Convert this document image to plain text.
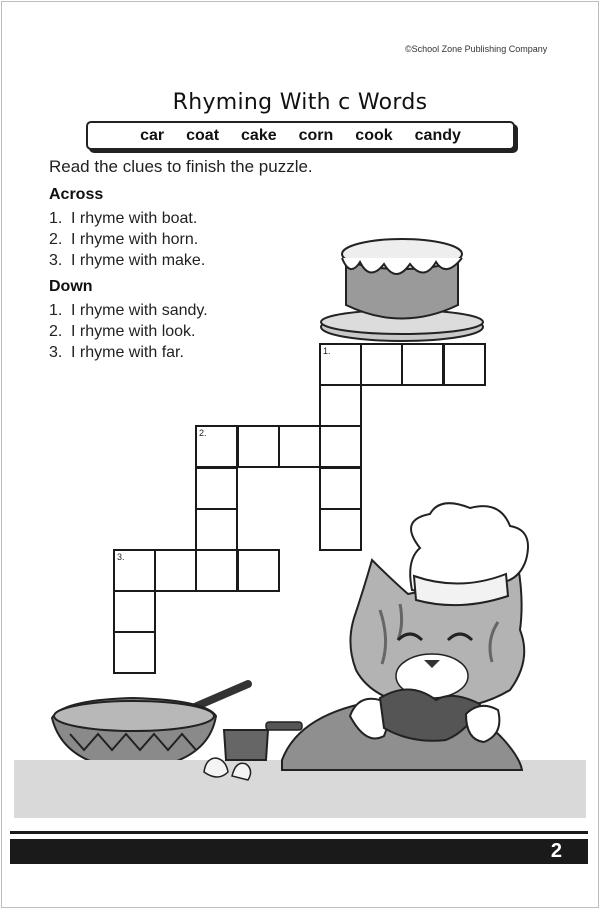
©School Zone Publishing Company
Rhyming With c Words
car coat cake corn cook candy
Read the clues to finish the puzzle.
Across
1. I rhyme with boat.
2. I rhyme with horn.
3. I rhyme with make.
Down
1. I rhyme with sandy.
2. I rhyme with look.
3. I rhyme with far.	1.
2.
3.
2
